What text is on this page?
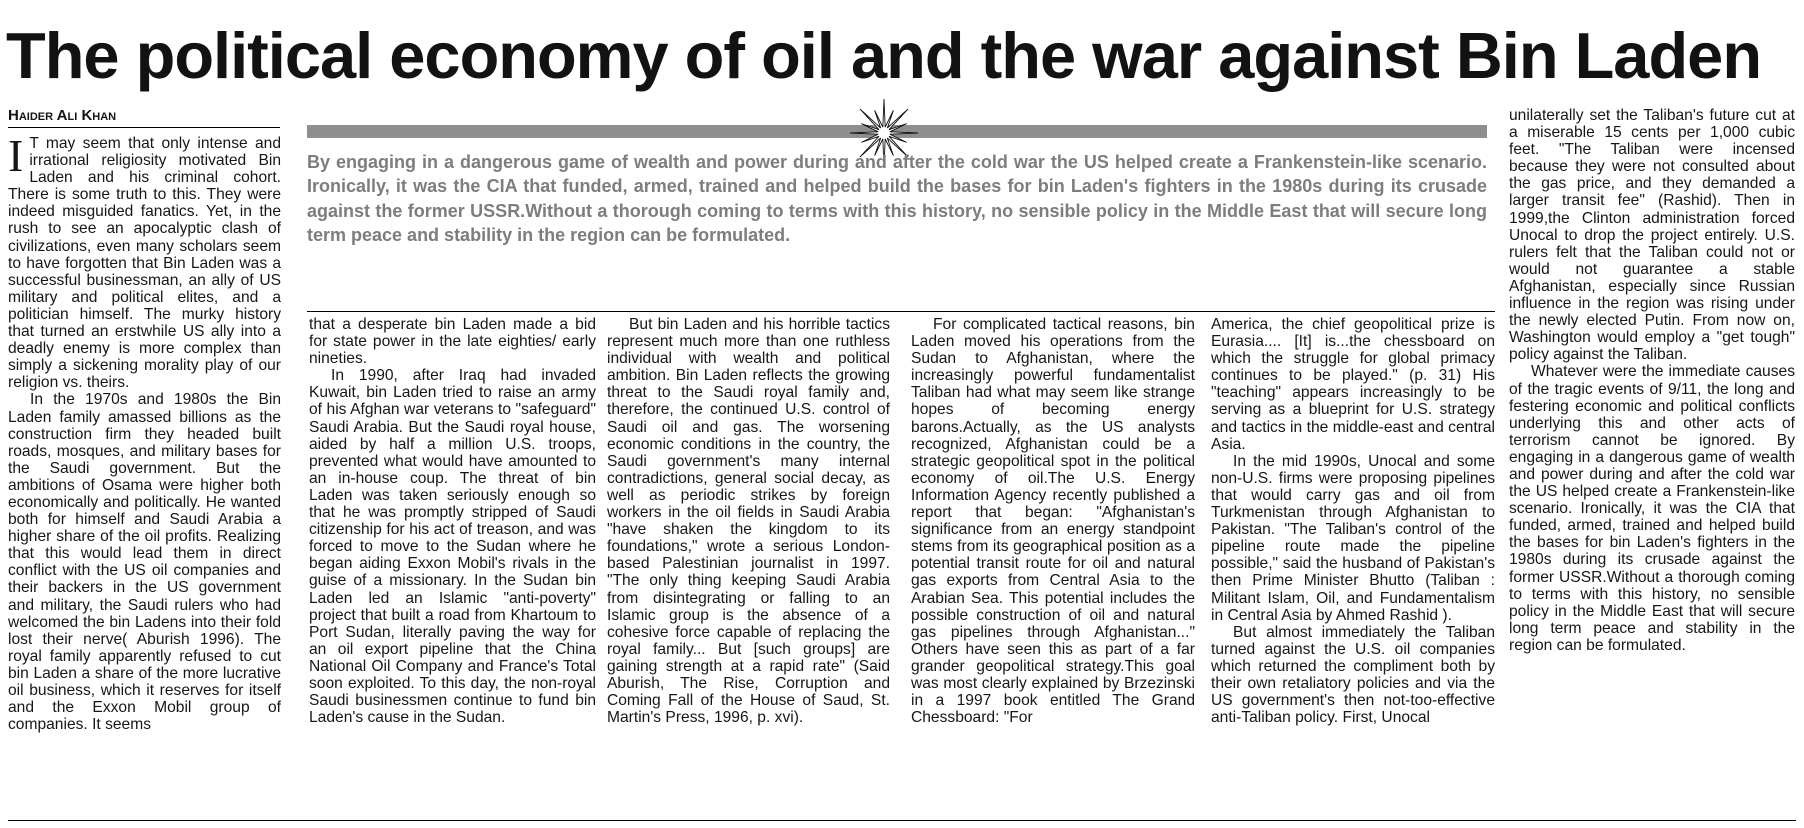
The political economy of oil and the war against Bin Laden
Haider Ali Khan

By engaging in a dangerous game of wealth and power during and after the cold war the US helped create a Frankenstein-like scenario. Ironically, it was the CIA that funded, armed, trained and helped build the bases for bin Laden's fighters in the 1980s during its crusade against the former USSR.Without a thorough coming to terms with this history, no sensible policy in the Middle East that will secure long term peace and stability in the region can be formulated.

I T may seem that only intense and irrational religiosity motivated Bin Laden and his criminal cohort. There is some truth to this. They were indeed misguided fanatics. Yet, in the rush to see an apocalyptic clash of civilizations, even many scholars seem to have forgotten that Bin Laden was a successful businessman, an ally of US military and political elites, and a politician himself. The murky history that turned an erstwhile US ally into a deadly enemy is more complex than simply a sickening morality play of our religion vs. theirs.

In the 1970s and 1980s the Bin Laden family amassed billions as the construction firm they headed built roads, mosques, and military bases for the Saudi government. But the ambitions of Osama were higher both economically and politically. He wanted both for himself and Saudi Arabia a higher share of the oil profits. Realizing that this would lead them in direct conflict with the US oil companies and their backers in the US government and military, the Saudi rulers who had welcomed the bin Ladens into their fold lost their nerve( Aburish 1996). The royal family apparently refused to cut bin Laden a share of the more lucrative oil business, which it reserves for itself and the Exxon Mobil group of companies. It seems

that a desperate bin Laden made a bid for state power in the late eighties/ early nineties.

In 1990, after Iraq had invaded Kuwait, bin Laden tried to raise an army of his Afghan war veterans to "safeguard" Saudi Arabia. But the Saudi royal house, aided by half a million U.S. troops, prevented what would have amounted to an in-house coup. The threat of bin Laden was taken seriously enough so that he was promptly stripped of Saudi citizenship for his act of treason, and was forced to move to the Sudan where he began aiding Exxon Mobil's rivals in the guise of a missionary. In the Sudan bin Laden led an Islamic "anti-poverty" project that built a road from Khartoum to Port Sudan, literally paving the way for an oil export pipeline that the China National Oil Company and France's Total soon exploited. To this day, the non-royal Saudi businessmen continue to fund bin Laden's cause in the Sudan.

But bin Laden and his horrible tactics represent much more than one ruthless individual with wealth and political ambition. Bin Laden reflects the growing threat to the Saudi royal family and, therefore, the continued U.S. control of Saudi oil and gas. The worsening economic conditions in the country, the Saudi government's many internal contradictions, general social decay, as well as periodic strikes by foreign workers in the oil fields in Saudi Arabia "have shaken the kingdom to its foundations," wrote a serious London-based Palestinian journalist in 1997. "The only thing keeping Saudi Arabia from disintegrating or falling to an Islamic group is the absence of a cohesive force capable of replacing the royal family... But [such groups] are gaining strength at a rapid rate" (Said Aburish, The Rise, Corruption and Coming Fall of the House of Saud, St. Martin's Press, 1996, p. xvi).

For complicated tactical reasons, bin Laden moved his operations from the Sudan to Afghanistan, where the increasingly powerful fundamentalist Taliban had what may seem like strange hopes of becoming energy barons.Actually, as the US analysts recognized, Afghanistan could be a strategic geopolitical spot in the political economy of oil.The U.S. Energy Information Agency recently published a report that began: "Afghanistan's significance from an energy standpoint stems from its geographical position as a potential transit route for oil and natural gas exports from Central Asia to the Arabian Sea. This potential includes the possible construction of oil and natural gas pipelines through Afghanistan..." Others have seen this as part of a far grander geopolitical strategy.This goal was most clearly explained by Brzezinski in a 1997 book entitled The Grand Chessboard: "For

America, the chief geopolitical prize is Eurasia.... [It] is...the chessboard on which the struggle for global primacy continues to be played." (p. 31) His "teaching" appears increasingly to be serving as a blueprint for U.S. strategy and tactics in the middle-east and central Asia.

In the mid 1990s, Unocal and some non-U.S. firms were proposing pipelines that would carry gas and oil from Turkmenistan through Afghanistan to Pakistan. "The Taliban's control of the pipeline route made the pipeline possible," said the husband of Pakistan's then Prime Minister Bhutto (Taliban : Militant Islam, Oil, and Fundamentalism in Central Asia by Ahmed Rashid ).

But almost immediately the Taliban turned against the U.S. oil companies which returned the compliment both by their own retaliatory policies and via the US government's then not-too-effective anti-Taliban policy. First, Unocal

unilaterally set the Taliban's future cut at a miserable 15 cents per 1,000 cubic feet. "The Taliban were incensed because they were not consulted about the gas price, and they demanded a larger transit fee" (Rashid). Then in 1999,the Clinton administration forced Unocal to drop the project entirely. U.S. rulers felt that the Taliban could not or would not guarantee a stable Afghanistan, especially since Russian influence in the region was rising under the newly elected Putin. From now on, Washington would employ a "get tough" policy against the Taliban.

Whatever were the immediate causes of the tragic events of 9/11, the long and festering economic and political conflicts underlying this and other acts of terrorism cannot be ignored. By engaging in a dangerous game of wealth and power during and after the cold war the US helped create a Frankenstein-like scenario. Ironically, it was the CIA that funded, armed, trained and helped build the bases for bin Laden's fighters in the 1980s during its crusade against the former USSR.Without a thorough coming to terms with this history, no sensible policy in the Middle East that will secure long term peace and stability in the region can be formulated.
